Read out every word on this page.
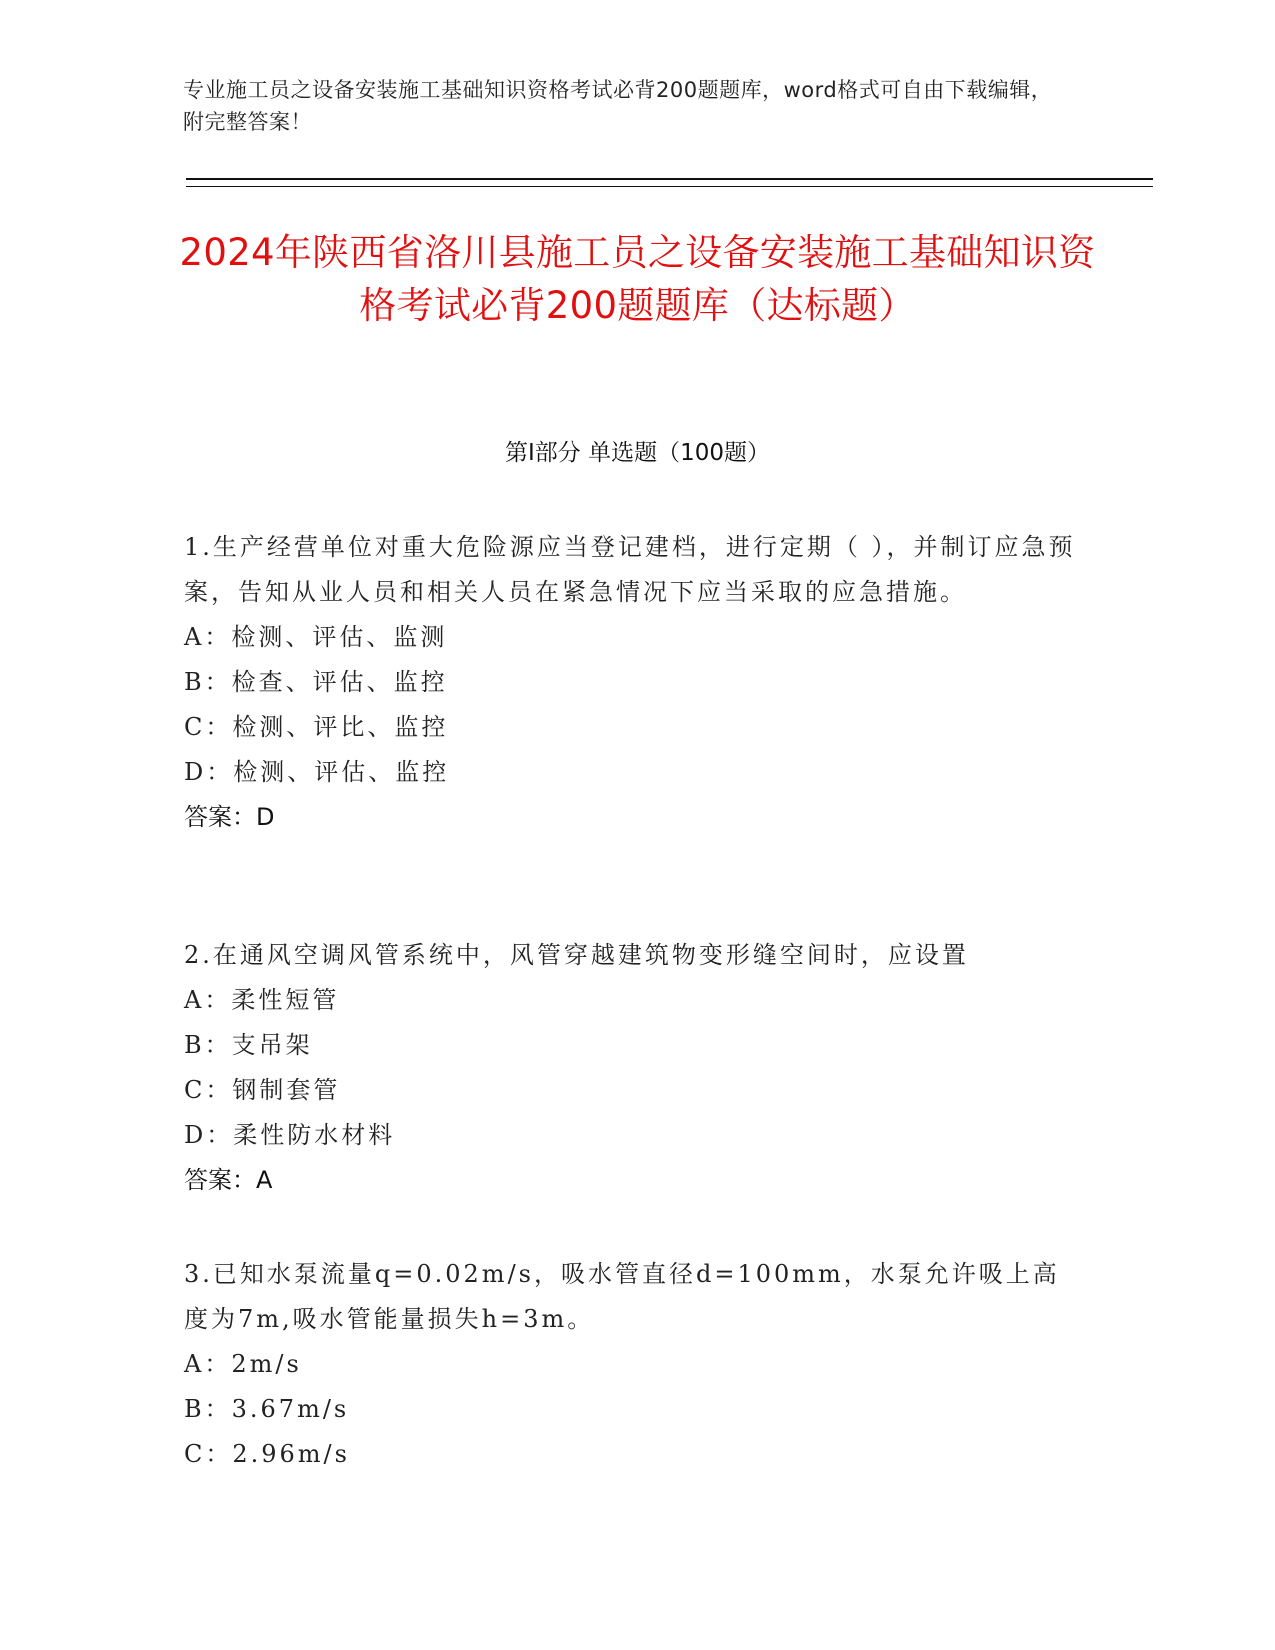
专业施工员之设备安装施工基础知识资格考试必背200题题库，word格式可自由下载编辑，附完整答案！
2024年陕西省洛川县施工员之设备安装施工基础知识资格考试必背200题题库（达标题）
第I部分 单选题（100题）

1.生产经营单位对重大危险源应当登记建档，进行定期（ ），并制订应急预案，告知从业人员和相关人员在紧急情况下应当采取的应急措施。

A：检测、评估、监测

B：检查、评估、监控

C：检测、评比、监控

D：检测、评估、监控

答案：D

2.在通风空调风管系统中，风管穿越建筑物变形缝空间时，应设置

A：柔性短管

B：支吊架

C：钢制套管

D：柔性防水材料

答案：A

3.已知水泵流量q=0.02m/s，吸水管直径d=100mm，水泵允许吸上高度为7m,吸水管能量损失h=3m。

A：2m/s

B：3.67m/s

C：2.96m/s
